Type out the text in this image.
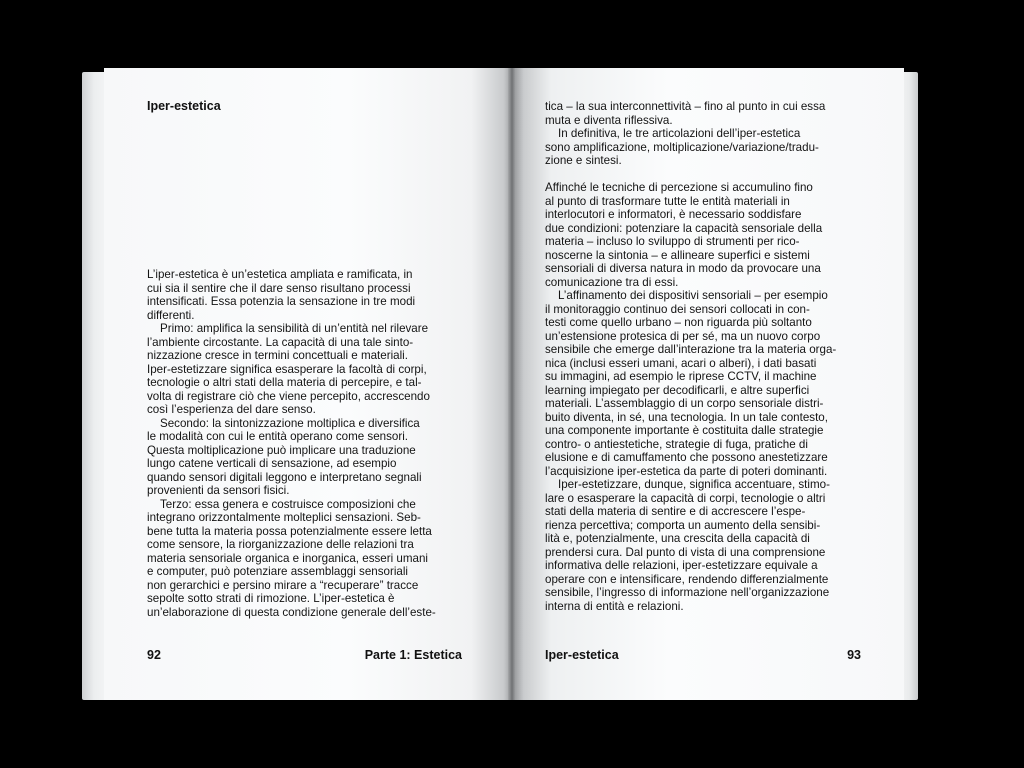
Iper-estetica

L’iper-estetica è un’estetica ampliata e ramificata, in
cui sia il sentire che il dare senso risultano processi
intensificati. Essa potenzia la sensazione in tre modi
differenti.
Primo: amplifica la sensibilità di un’entità nel rilevare
l’ambiente circostante. La capacità di una tale sinto-
nizzazione cresce in termini concettuali e materiali.
Iper-estetizzare significa esasperare la facoltà di corpi,
tecnologie o altri stati della materia di percepire, e tal-
volta di registrare ciò che viene percepito, accrescendo
così l’esperienza del dare senso.
Secondo: la sintonizzazione moltiplica e diversifica
le modalità con cui le entità operano come sensori.
Questa moltiplicazione può implicare una traduzione
lungo catene verticali di sensazione, ad esempio
quando sensori digitali leggono e interpretano segnali
provenienti da sensori fisici.
Terzo: essa genera e costruisce composizioni che
integrano orizzontalmente molteplici sensazioni. Seb-
bene tutta la materia possa potenzialmente essere letta
come sensore, la riorganizzazione delle relazioni tra
materia sensoriale organica e inorganica, esseri umani
e computer, può potenziare assemblaggi sensoriali
non gerarchici e persino mirare a “recuperare” tracce
sepolte sotto strati di rimozione. L’iper-estetica è
un’elaborazione di questa condizione generale dell’este-

92	Parte 1: Estetica

tica – la sua interconnettività – fino al punto in cui essa
muta e diventa riflessiva.
In definitiva, le tre articolazioni dell’iper-estetica
sono amplificazione, moltiplicazione/variazione/tradu-
zione e sintesi.
Affinché le tecniche di percezione si accumulino fino
al punto di trasformare tutte le entità materiali in
interlocutori e informatori, è necessario soddisfare
due condizioni: potenziare la capacità sensoriale della
materia – incluso lo sviluppo di strumenti per rico-
noscerne la sintonia – e allineare superfici e sistemi
sensoriali di diversa natura in modo da provocare una
comunicazione tra di essi.
L’affinamento dei dispositivi sensoriali – per esempio
il monitoraggio continuo dei sensori collocati in con-
testi come quello urbano – non riguarda più soltanto
un’estensione protesica di per sé, ma un nuovo corpo
sensibile che emerge dall’interazione tra la materia orga-
nica (inclusi esseri umani, acari o alberi), i dati basati
su immagini, ad esempio le riprese CCTV, il machine
learning impiegato per decodificarli, e altre superfici
materiali. L’assemblaggio di un corpo sensoriale distri-
buito diventa, in sé, una tecnologia. In un tale contesto,
una componente importante è costituita dalle strategie
contro- o antiestetiche, strategie di fuga, pratiche di
elusione e di camuffamento che possono anestetizzare
l’acquisizione iper-estetica da parte di poteri dominanti.
Iper-estetizzare, dunque, significa accentuare, stimo-
lare o esasperare la capacità di corpi, tecnologie o altri
stati della materia di sentire e di accrescere l’espe-
rienza percettiva; comporta un aumento della sensibi-
lità e, potenzialmente, una crescita della capacità di
prendersi cura. Dal punto di vista di una comprensione
informativa delle relazioni, iper-estetizzare equivale a
operare con e intensificare, rendendo differenzialmente
sensibile, l’ingresso di informazione nell’organizzazione
interna di entità e relazioni.

Iper-estetica	93
